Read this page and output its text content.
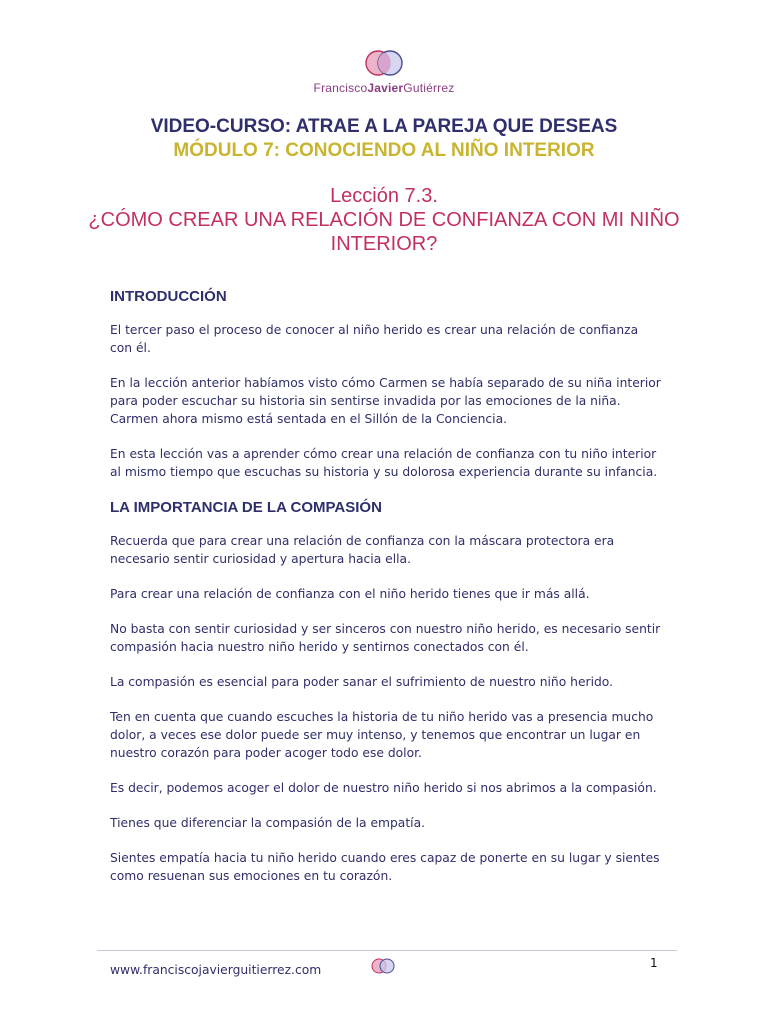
FranciscoJavierGutiérrez
VIDEO-CURSO: ATRAE A LA PAREJA QUE DESEAS
MÓDULO 7: CONOCIENDO AL NIÑO INTERIOR
Lección 7.3.
¿CÓMO CREAR UNA RELACIÓN DE CONFIANZA CON MI NIÑO INTERIOR?
INTRODUCCIÓN

El tercer paso el proceso de conocer al niño herido es crear una relación de confianza con él.

En la lección anterior habíamos visto cómo Carmen se había separado de su niña interior para poder escuchar su historia sin sentirse invadida por las emociones de la niña. Carmen ahora mismo está sentada en el Sillón de la Conciencia.

En esta lección vas a aprender cómo crear una relación de confianza con tu niño interior al mismo tiempo que escuchas su historia y su dolorosa experiencia durante su infancia.

LA IMPORTANCIA DE LA COMPASIÓN

Recuerda que para crear una relación de confianza con la máscara protectora era necesario sentir curiosidad y apertura hacia ella.

Para crear una relación de confianza con el niño herido tienes que ir más allá.

No basta con sentir curiosidad y ser sinceros con nuestro niño herido, es necesario sentir compasión hacia nuestro niño herido y sentirnos conectados con él.

La compasión es esencial para poder sanar el sufrimiento de nuestro niño herido.

Ten en cuenta que cuando escuches la historia de tu niño herido vas a presencia mucho dolor, a veces ese dolor puede ser muy intenso, y tenemos que encontrar un lugar en nuestro corazón para poder acoger todo ese dolor.

Es decir, podemos acoger el dolor de nuestro niño herido si nos abrimos a la compasión.

Tienes que diferenciar la compasión de la empatía.

Sientes empatía hacia tu niño herido cuando eres capaz de ponerte en su lugar y sientes como resuenan sus emociones en tu corazón.

www.franciscojavierguitierrez.com	1
